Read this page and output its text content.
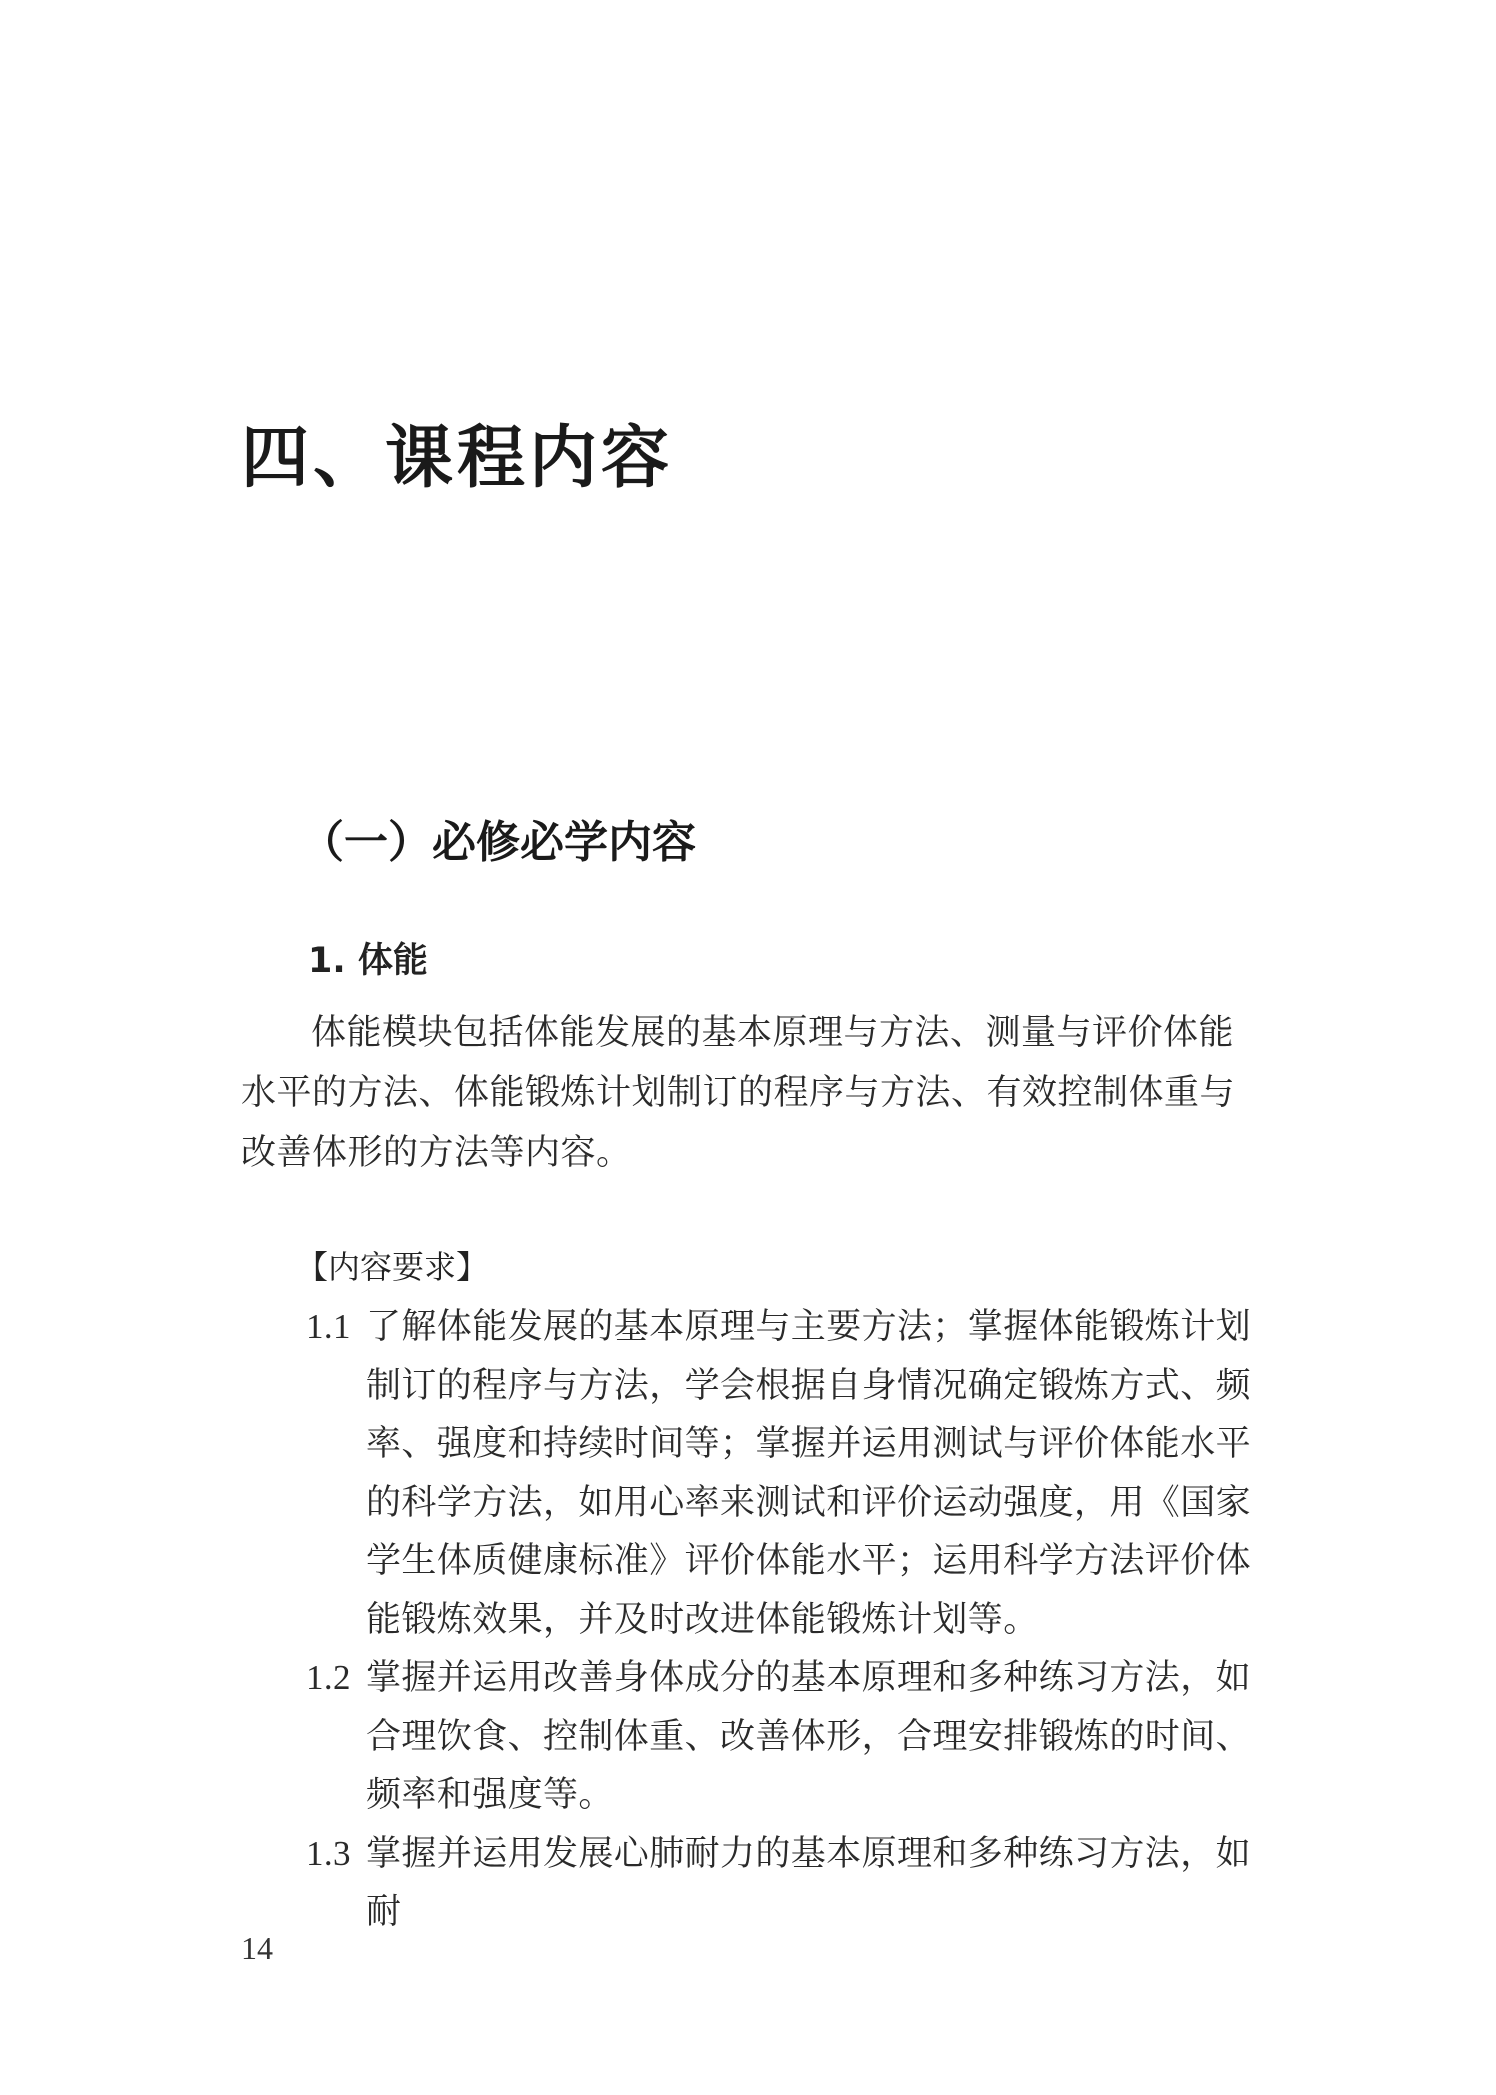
四、课程内容
（一）必修必学内容
1. 体能

体能模块包括体能发展的基本原理与方法、测量与评价体能水平的方法、体能锻炼计划制订的程序与方法、有效控制体重与改善体形的方法等内容。

【内容要求】

1.1 了解体能发展的基本原理与主要方法；掌握体能锻炼计划制订的程序与方法，学会根据自身情况确定锻炼方式、频率、强度和持续时间等；掌握并运用测试与评价体能水平的科学方法，如用心率来测试和评价运动强度，用《国家学生体质健康标准》评价体能水平；运用科学方法评价体能锻炼效果，并及时改进体能锻炼计划等。
1.2 掌握并运用改善身体成分的基本原理和多种练习方法，如合理饮食、控制体重、改善体形，合理安排锻炼的时间、频率和强度等。
1.3 掌握并运用发展心肺耐力的基本原理和多种练习方法，如耐

14
